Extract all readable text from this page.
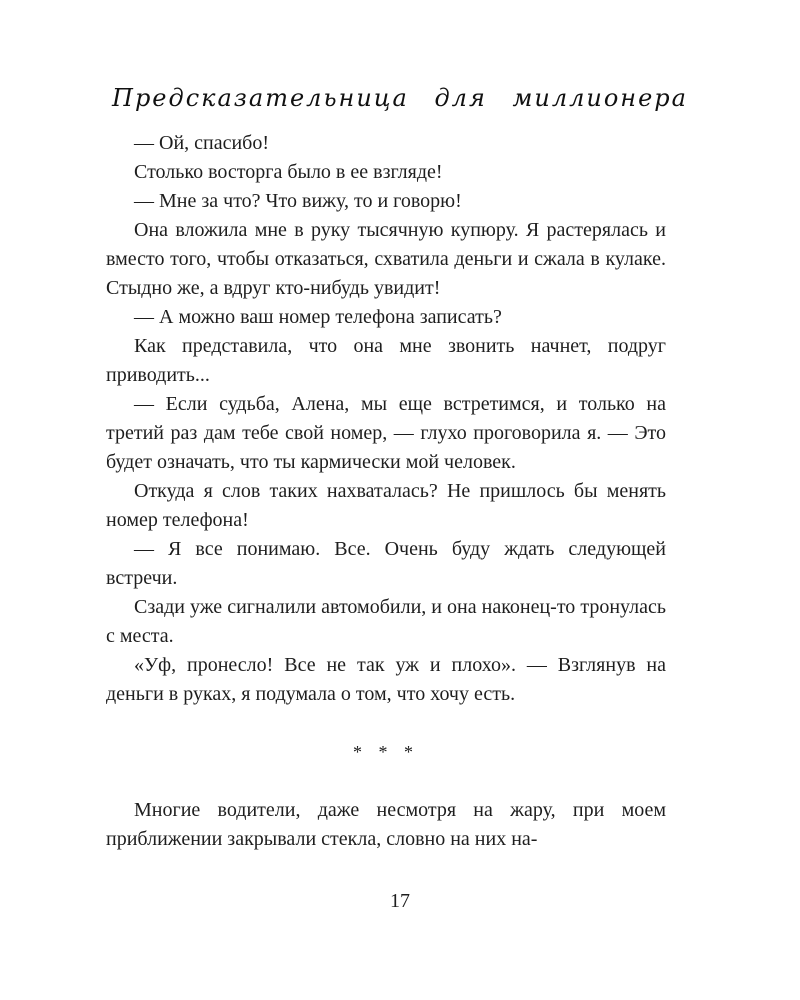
Предсказательница для миллионера

— Ой, спасибо!

Столько восторга было в ее взгляде!

— Мне за что? Что вижу, то и говорю!

Она вложила мне в руку тысячную купюру. Я растерялась и вместо того, чтобы отказаться, схватила деньги и сжала в кулаке. Стыдно же, а вдруг кто-нибудь увидит!

— А можно ваш номер телефона записать?

Как представила, что она мне звонить начнет, подруг приводить...

— Если судьба, Алена, мы еще встретимся, и только на третий раз дам тебе свой номер, — глухо проговорила я. — Это будет означать, что ты кармически мой человек.

Откуда я слов таких нахваталась? Не пришлось бы менять номер телефона!

— Я все понимаю. Все. Очень буду ждать следующей встречи.

Сзади уже сигналили автомобили, и она наконец-то тронулась с места.

«Уф, пронесло! Все не так уж и плохо». — Взглянув на деньги в руках, я подумала о том, что хочу есть.

* * *

Многие водители, даже несмотря на жару, при моем приближении закрывали стекла, словно на них на-

17
